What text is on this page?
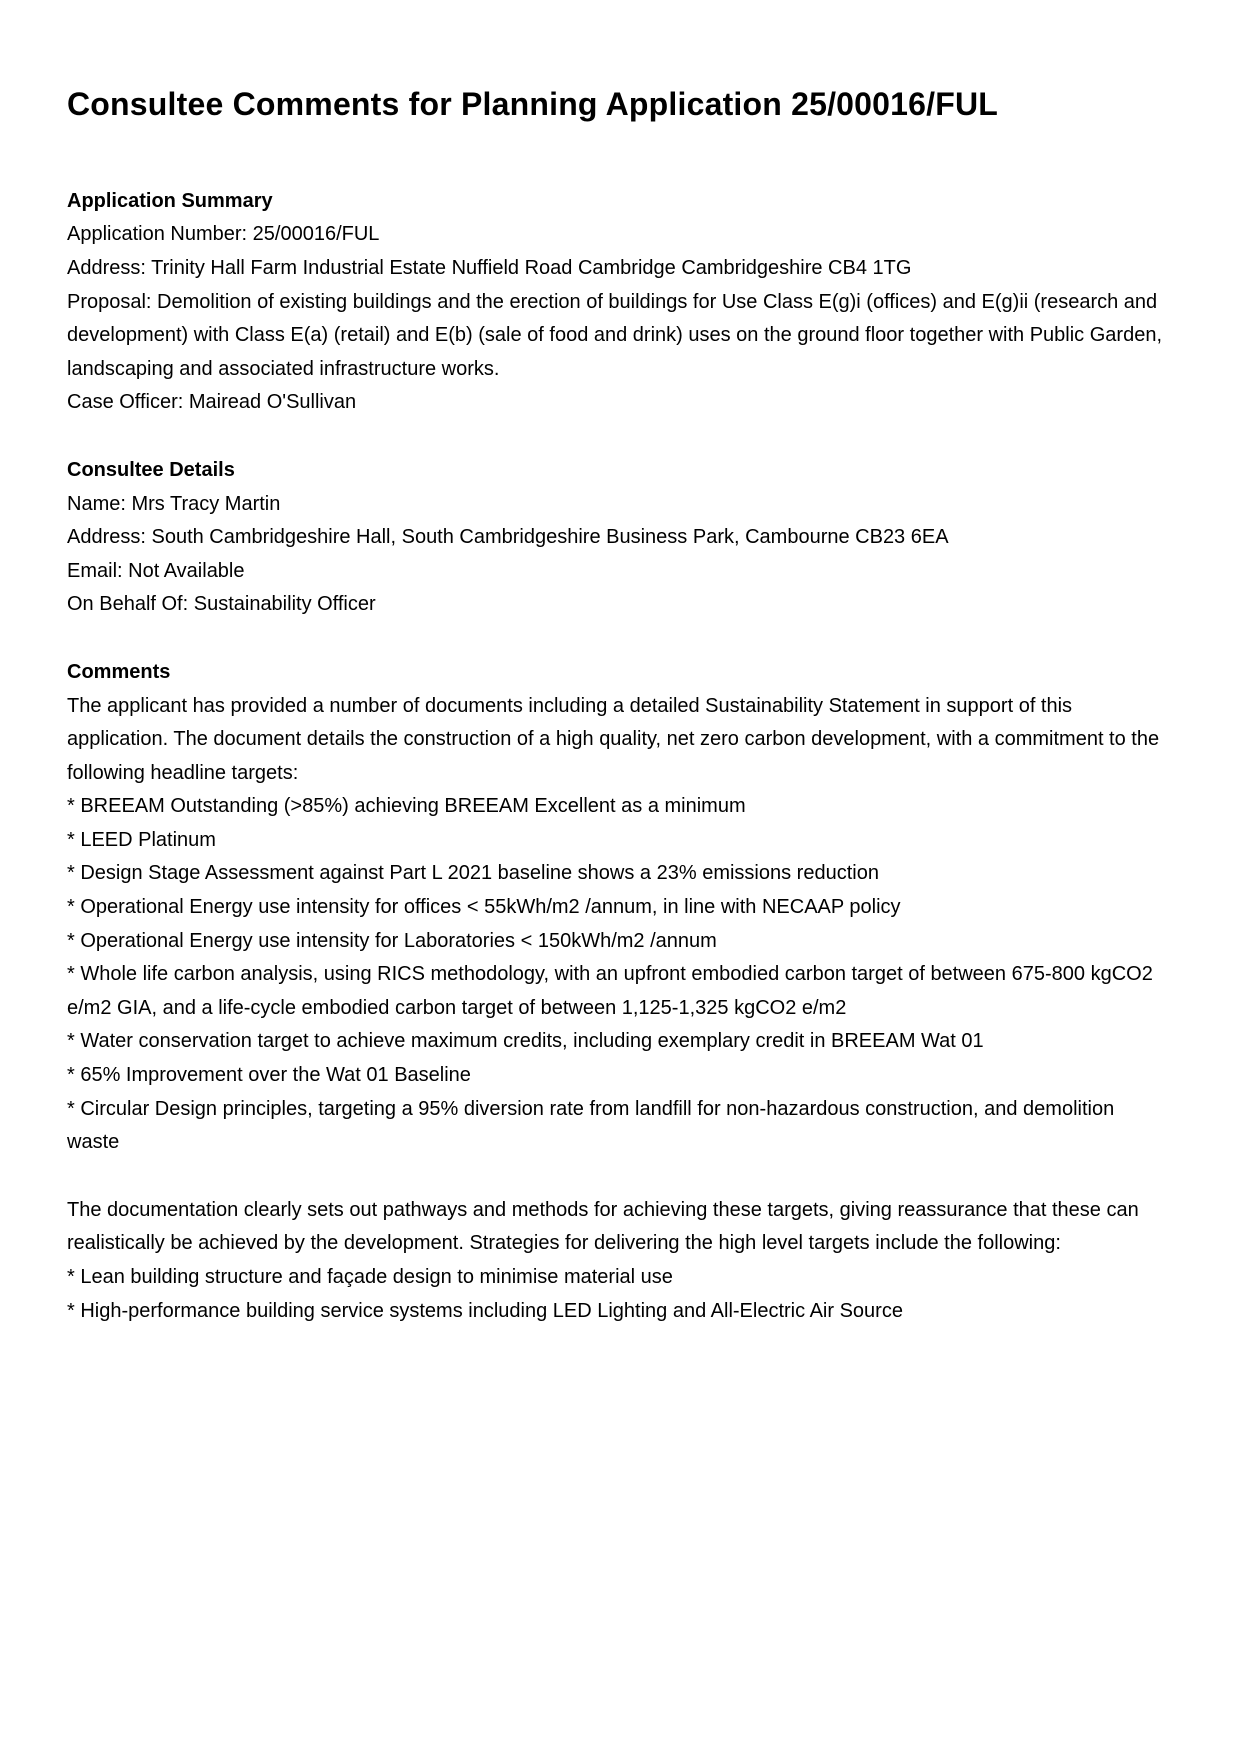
Consultee Comments for Planning Application 25/00016/FUL
Application Summary

Application Number: 25/00016/FUL

Address: Trinity Hall Farm Industrial Estate Nuffield Road Cambridge Cambridgeshire CB4 1TG

Proposal: Demolition of existing buildings and the erection of buildings for Use Class E(g)i (offices) and E(g)ii (research and development) with Class E(a) (retail) and E(b) (sale of food and drink) uses on the ground floor together with Public Garden, landscaping and associated infrastructure works.

Case Officer: Mairead O'Sullivan

Consultee Details

Name: Mrs Tracy Martin

Address: South Cambridgeshire Hall, South Cambridgeshire Business Park, Cambourne CB23 6EA

Email: Not Available

On Behalf Of: Sustainability Officer

Comments

The applicant has provided a number of documents including a detailed Sustainability Statement in support of this application. The document details the construction of a high quality, net zero carbon development, with a commitment to the following headline targets:

* BREEAM Outstanding (>85%) achieving BREEAM Excellent as a minimum

* LEED Platinum

* Design Stage Assessment against Part L 2021 baseline shows a 23% emissions reduction

* Operational Energy use intensity for offices < 55kWh/m2 /annum, in line with NECAAP policy

* Operational Energy use intensity for Laboratories < 150kWh/m2 /annum

* Whole life carbon analysis, using RICS methodology, with an upfront embodied carbon target of between 675-800 kgCO2 e/m2 GIA, and a life-cycle embodied carbon target of between 1,125-1,325 kgCO2 e/m2

* Water conservation target to achieve maximum credits, including exemplary credit in BREEAM Wat 01

* 65% Improvement over the Wat 01 Baseline

* Circular Design principles, targeting a 95% diversion rate from landfill for non-hazardous construction, and demolition waste

The documentation clearly sets out pathways and methods for achieving these targets, giving reassurance that these can realistically be achieved by the development. Strategies for delivering the high level targets include the following:

* Lean building structure and façade design to minimise material use

* High-performance building service systems including LED Lighting and All-Electric Air Source
